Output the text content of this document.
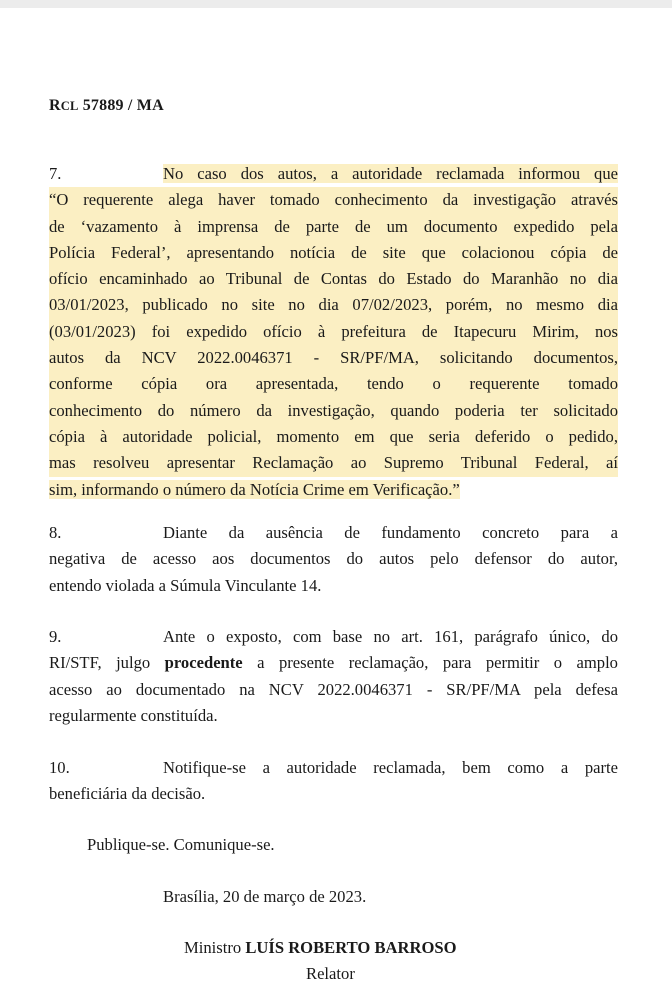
RCL 57889 / MA
7.	No caso dos autos, a autoridade reclamada informou que
“O requerente alega haver tomado conhecimento da investigação através
de ‘vazamento à imprensa de parte de um documento expedido pela
Polícia Federal’, apresentando notícia de site que colacionou cópia de
ofício encaminhado ao Tribunal de Contas do Estado do Maranhão no dia
03/01/2023, publicado no site no dia 07/02/2023, porém, no mesmo dia
(03/01/2023) foi expedido ofício à prefeitura de Itapecuru Mirim, nos
autos da NCV 2022.0046371 - SR/PF/MA, solicitando documentos,
conforme cópia ora apresentada, tendo o requerente tomado
conhecimento do número da investigação, quando poderia ter solicitado
cópia à autoridade policial, momento em que seria deferido o pedido,
mas resolveu apresentar Reclamação ao Supremo Tribunal Federal, aí
sim, informando o número da Notícia Crime em Verificação.”
8.	Diante da ausência de fundamento concreto para a
negativa de acesso aos documentos do autos pelo defensor do autor,
entendo violada a Súmula Vinculante 14.
9.	Ante o exposto, com base no art. 161, parágrafo único, do
RI/STF, julgo procedente a presente reclamação, para permitir o amplo
acesso ao documentado na NCV 2022.0046371 - SR/PF/MA pela defesa
regularmente constituída.
10.	Notifique-se a autoridade reclamada, bem como a parte
beneficiária da decisão.
Publique-se. Comunique-se.
Brasília, 20 de março de 2023.
Ministro LUÍS ROBERTO BARROSO
Relator
